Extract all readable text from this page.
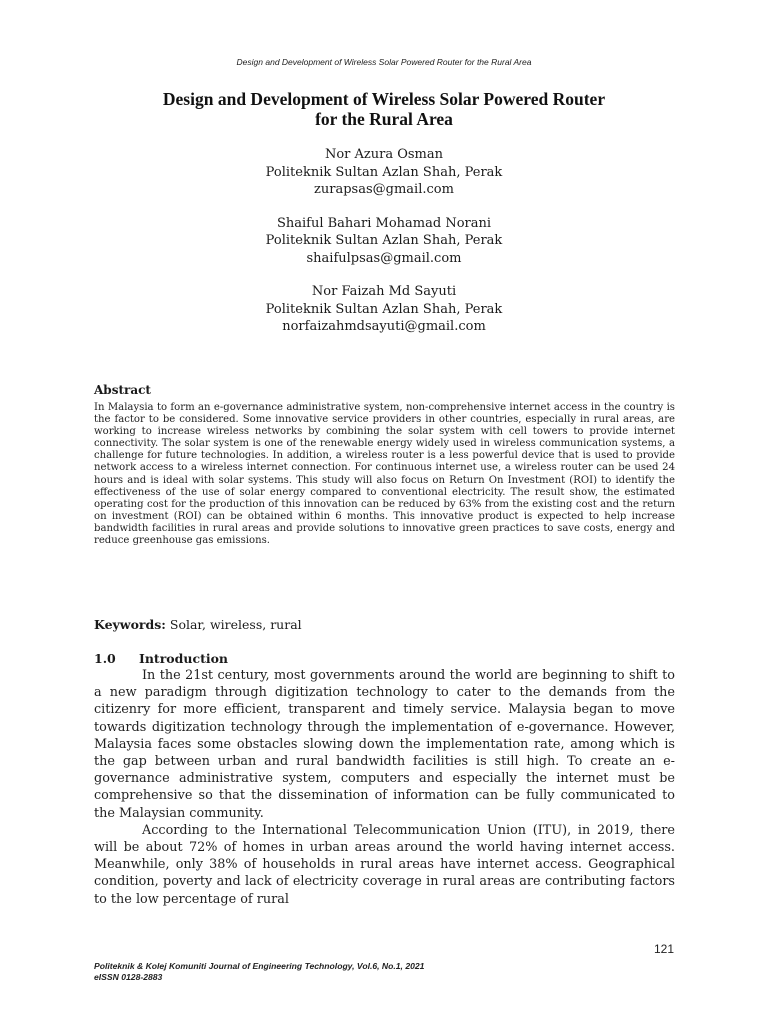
Design and Development of Wireless Solar Powered Router for the Rural Area
Design and Development of Wireless Solar Powered Router
for the Rural Area
Nor Azura Osman
Politeknik Sultan Azlan Shah, Perak
zurapsas@gmail.com
Shaiful Bahari Mohamad Norani
Politeknik Sultan Azlan Shah, Perak
shaifulpsas@gmail.com
Nor Faizah Md Sayuti
Politeknik Sultan Azlan Shah, Perak
norfaizahmdsayuti@gmail.com
Abstract
In Malaysia to form an e-governance administrative system, non-comprehensive internet access in the country is the factor to be considered. Some innovative service providers in other countries, especially in rural areas, are working to increase wireless networks by combining the solar system with cell towers to provide internet connectivity. The solar system is one of the renewable energy widely used in wireless communication systems, a challenge for future technologies. In addition, a wireless router is a less powerful device that is used to provide network access to a wireless internet connection. For continuous internet use, a wireless router can be used 24 hours and is ideal with solar systems. This study will also focus on Return On Investment (ROI) to identify the effectiveness of the use of solar energy compared to conventional electricity. The result show, the estimated operating cost for the production of this innovation can be reduced by 63% from the existing cost and the return on investment (ROI) can be obtained within 6 months. This innovative product is expected to help increase bandwidth facilities in rural areas and provide solutions to innovative green practices to save costs, energy and reduce greenhouse gas emissions.
Keywords: Solar, wireless, rural
1.0 Introduction

In the 21st century, most governments around the world are beginning to shift to a new paradigm through digitization technology to cater to the demands from the citizenry for more efficient, transparent and timely service. Malaysia began to move towards digitization technology through the implementation of e-governance. However, Malaysia faces some obstacles slowing down the implementation rate, among which is the gap between urban and rural bandwidth facilities is still high. To create an e-governance administrative system, computers and especially the internet must be comprehensive so that the dissemination of information can be fully communicated to the Malaysian community.

According to the International Telecommunication Union (ITU), in 2019, there will be about 72% of homes in urban areas around the world having internet access. Meanwhile, only 38% of households in rural areas have internet access. Geographical condition, poverty and lack of electricity coverage in rural areas are contributing factors to the low percentage of rural

121
Politeknik & Kolej Komuniti Journal of Engineering Technology, Vol.6, No.1, 2021
eISSN 0128-2883
